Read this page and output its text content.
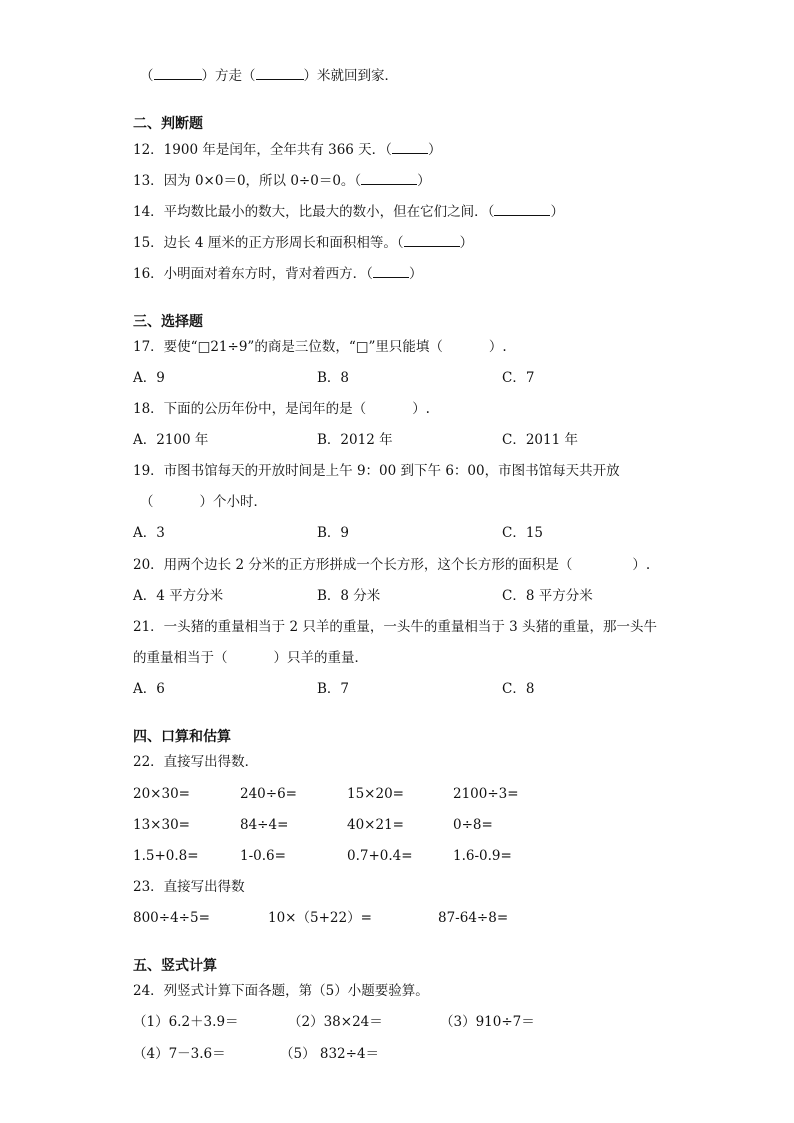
（	）方走（	）米就回到家．
二、判断题
12．1900 年是闰年，全年共有 366 天．（	）
13．因为 0×0＝0，所以 0÷0＝0。（	）
14．平均数比最小的数大，比最大的数小，但在它们之间．（	）
15．边长 4 厘米的正方形周长和面积相等。（	）
16．小明面对着东方时，背对着西方．（	）
三、选择题
17．要使“□21÷9”的商是三位数，“□”里只能填（	）.
A．9	B．8	C．7
18．下面的公历年份中，是闰年的是（	）.
A．2100 年	B．2012 年	C．2011 年
19．市图书馆每天的开放时间是上午 9：00 到下午 6：00，市图书馆每天共开放
（	）个小时．
A．3	B．9	C．15
20．用两个边长 2 分米的正方形拼成一个长方形，这个长方形的面积是（	）.
A．4 平方分米	B．8 分米	C．8 平方分米
21．一头猪的重量相当于 2 只羊的重量，一头牛的重量相当于 3 头猪的重量，那一头牛
的重量相当于（	）只羊的重量．
A．6	B．7	C．8
四、口算和估算
22．直接写出得数．
20×30=	240÷6=	15×20=	2100÷3=
13×30=	84÷4=	40×21=	0÷8=
1.5+0.8=	1-0.6=	0.7+0.4=	1.6-0.9=
23．直接写出得数
800÷4÷5=	10×（5+22）=	87-64÷8=
五、竖式计算
24．列竖式计算下面各题，第（5）小题要验算。
（1）6.2＋3.9＝	（2）38×24＝	（3）910÷7＝
（4）7－3.6＝	（5） 832÷4＝
